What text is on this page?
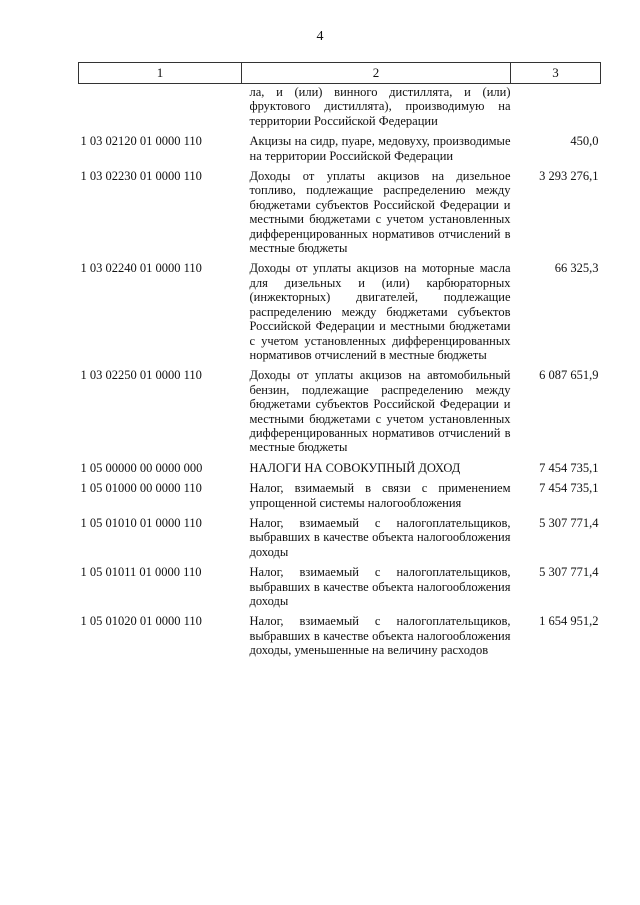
4
1	2	3
	ла, и (или) винного дистиллята, и (или) фруктового дистиллята), производимую на территории Российской Федерации	
1 03 02120 01 0000 110	Акцизы на сидр, пуаре, медовуху, производимые на территории Российской Федерации	450,0
1 03 02230 01 0000 110	Доходы от уплаты акцизов на дизельное топливо, подлежащие распределению между бюджетами субъектов Российской Федерации и местными бюджетами с учетом установленных дифференцированных нормативов отчислений в местные бюджеты	3 293 276,1
1 03 02240 01 0000 110	Доходы от уплаты акцизов на моторные масла для дизельных и (или) карбюраторных (инжекторных) двигателей, подлежащие распределению между бюджетами субъектов Российской Федерации и местными бюджетами с учетом установленных дифференцированных нормативов отчислений в местные бюджеты	66 325,3
1 03 02250 01 0000 110	Доходы от уплаты акцизов на автомобильный бензин, подлежащие распределению между бюджетами субъектов Российской Федерации и местными бюджетами с учетом установленных дифференцированных нормативов отчислений в местные бюджеты	6 087 651,9
1 05 00000 00 0000 000	НАЛОГИ НА СОВОКУПНЫЙ ДОХОД	7 454 735,1
1 05 01000 00 0000 110	Налог, взимаемый в связи с применением упрощенной системы налогообложения	7 454 735,1
1 05 01010 01 0000 110	Налог, взимаемый с налогоплательщиков, выбравших в качестве объекта налогообложения доходы	5 307 771,4
1 05 01011 01 0000 110	Налог, взимаемый с налогоплательщиков, выбравших в качестве объекта налогообложения доходы	5 307 771,4
1 05 01020 01 0000 110	Налог, взимаемый с налогоплательщиков, выбравших в качестве объекта налогообложения доходы, уменьшенные на величину расходов	1 654 951,2
